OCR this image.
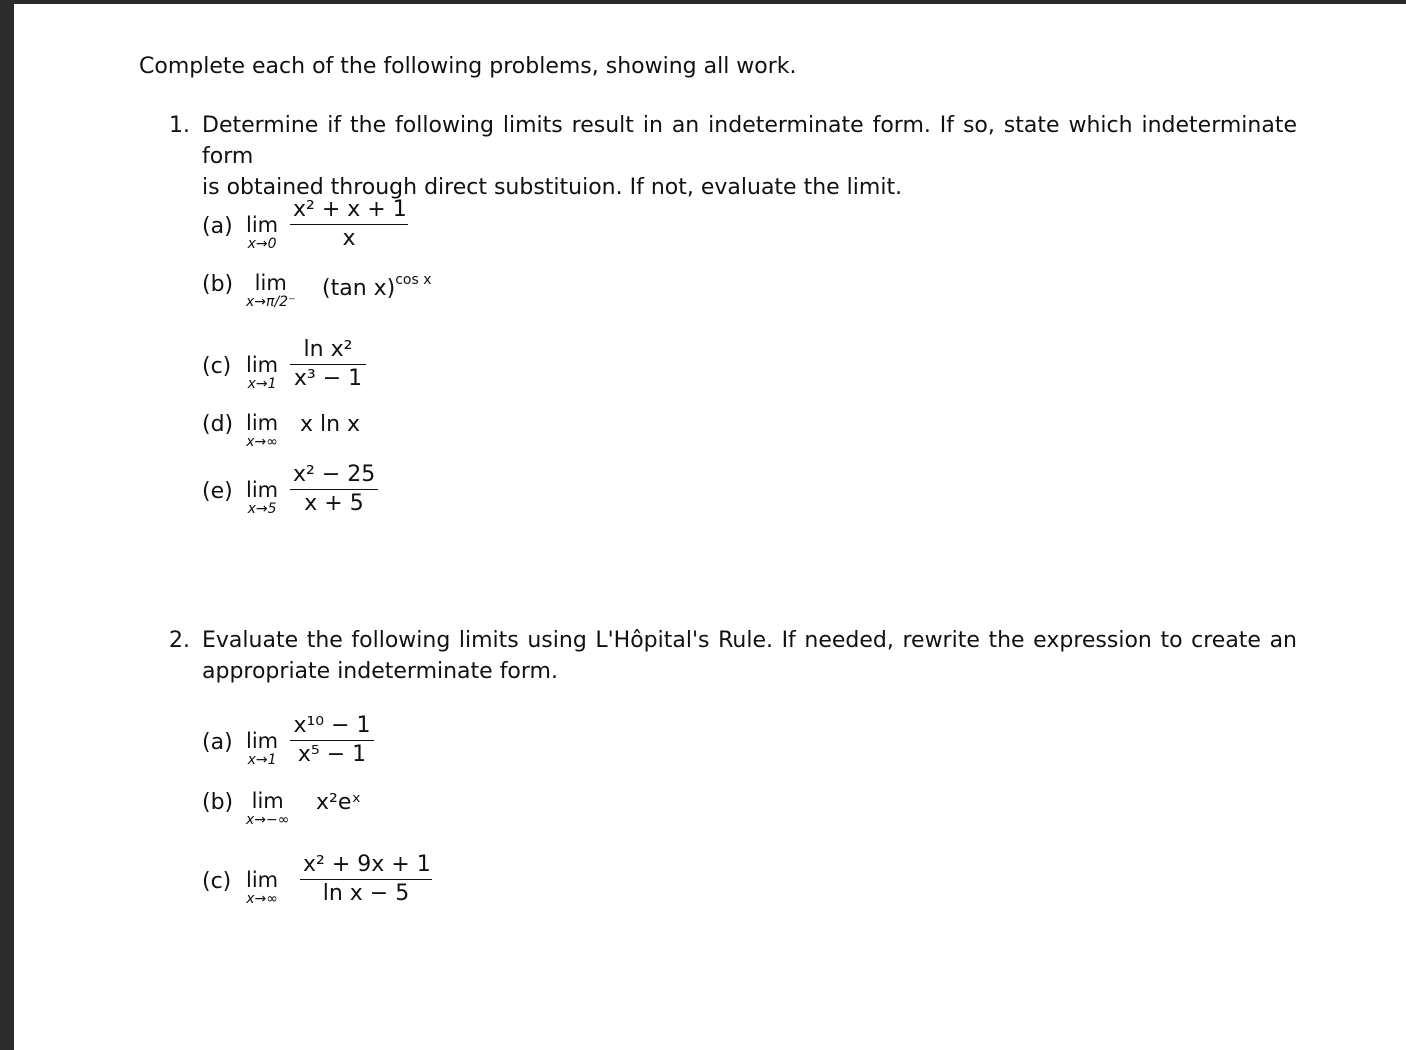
Complete each of the following problems, showing all work.
1. Determine if the following limits result in an indeterminate form. If so, state which indeterminate form
is obtained through direct substituion. If not, evaluate the limit.
(a) lim
x→0
x² + x + 1
x
(b)	lim
x→π/2⁻
(tan x)$^{cos x}$
(c) lim
x→1
ln x²
x³ − 1
(d) lim
x→∞
x ln x
(e) lim
x→5
x² − 25
x + 5
2. Evaluate the following limits using L'Hôpital's Rule. If needed, rewrite the expression to create an
appropriate indeterminate form.
(a) lim
x→1
x¹⁰ − 1
x⁵ − 1
(b) lim
x→−∞
x²eˣ
(c) lim
x→∞
x² + 9x + 1
ln x − 5
